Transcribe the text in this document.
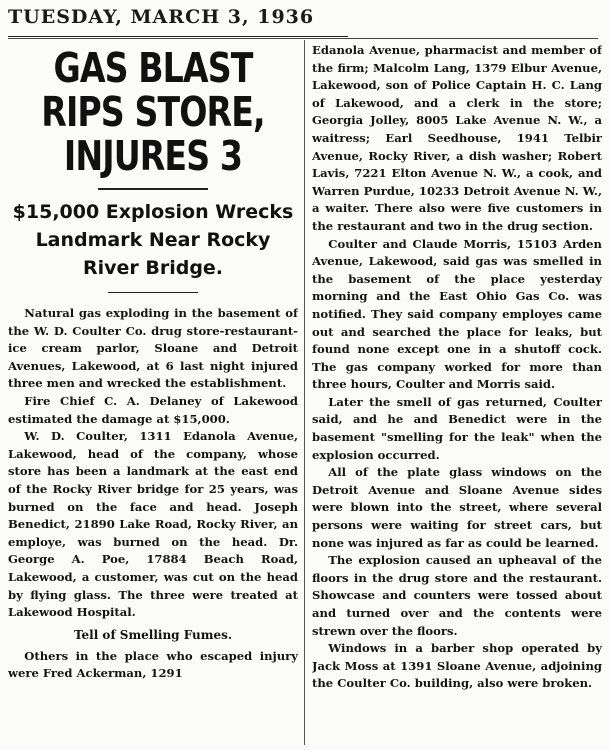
TUESDAY, MARCH 3, 1936
GAS BLAST RIPS STORE, INJURES 3
$15,000 Explosion Wrecks Landmark Near Rocky River Bridge.

Natural gas exploding in the basement of the W. D. Coulter Co. drug store-restaurant-ice cream parlor, Sloane and Detroit Avenues, Lakewood, at 6 last night injured three men and wrecked the establishment.

Fire Chief C. A. Delaney of Lakewood estimated the damage at $15,000.

W. D. Coulter, 1311 Edanola Avenue, Lakewood, head of the company, whose store has been a landmark at the east end of the Rocky River bridge for 25 years, was burned on the face and head. Joseph Benedict, 21890 Lake Road, Rocky River, an employe, was burned on the head. Dr. George A. Poe, 17884 Beach Road, Lakewood, a customer, was cut on the head by flying glass. The three were treated at Lakewood Hospital.

Tell of Smelling Fumes.

Others in the place who escaped injury were Fred Ackerman, 1291

Edanola Avenue, pharmacist and member of the firm; Malcolm Lang, 1379 Elbur Avenue, Lakewood, son of Police Captain H. C. Lang of Lakewood, and a clerk in the store; Georgia Jolley, 8005 Lake Avenue N. W., a waitress; Earl Seedhouse, 1941 Telbir Avenue, Rocky River, a dish washer; Robert Lavis, 7221 Elton Avenue N. W., a cook, and Warren Purdue, 10233 Detroit Avenue N. W., a waiter. There also were five customers in the restaurant and two in the drug section.

Coulter and Claude Morris, 15103 Arden Avenue, Lakewood, said gas was smelled in the basement of the place yesterday morning and the East Ohio Gas Co. was notified. They said company employes came out and searched the place for leaks, but found none except one in a shutoff cock. The gas company worked for more than three hours, Coulter and Morris said.

Later the smell of gas returned, Coulter said, and he and Benedict were in the basement "smelling for the leak" when the explosion occurred.

All of the plate glass windows on the Detroit Avenue and Sloane Avenue sides were blown into the street, where several persons were waiting for street cars, but none was injured as far as could be learned.

The explosion caused an upheaval of the floors in the drug store and the restaurant. Showcase and counters were tossed about and turned over and the contents were strewn over the floors.

Windows in a barber shop operated by Jack Moss at 1391 Sloane Avenue, adjoining the Coulter Co. building, also were broken.
